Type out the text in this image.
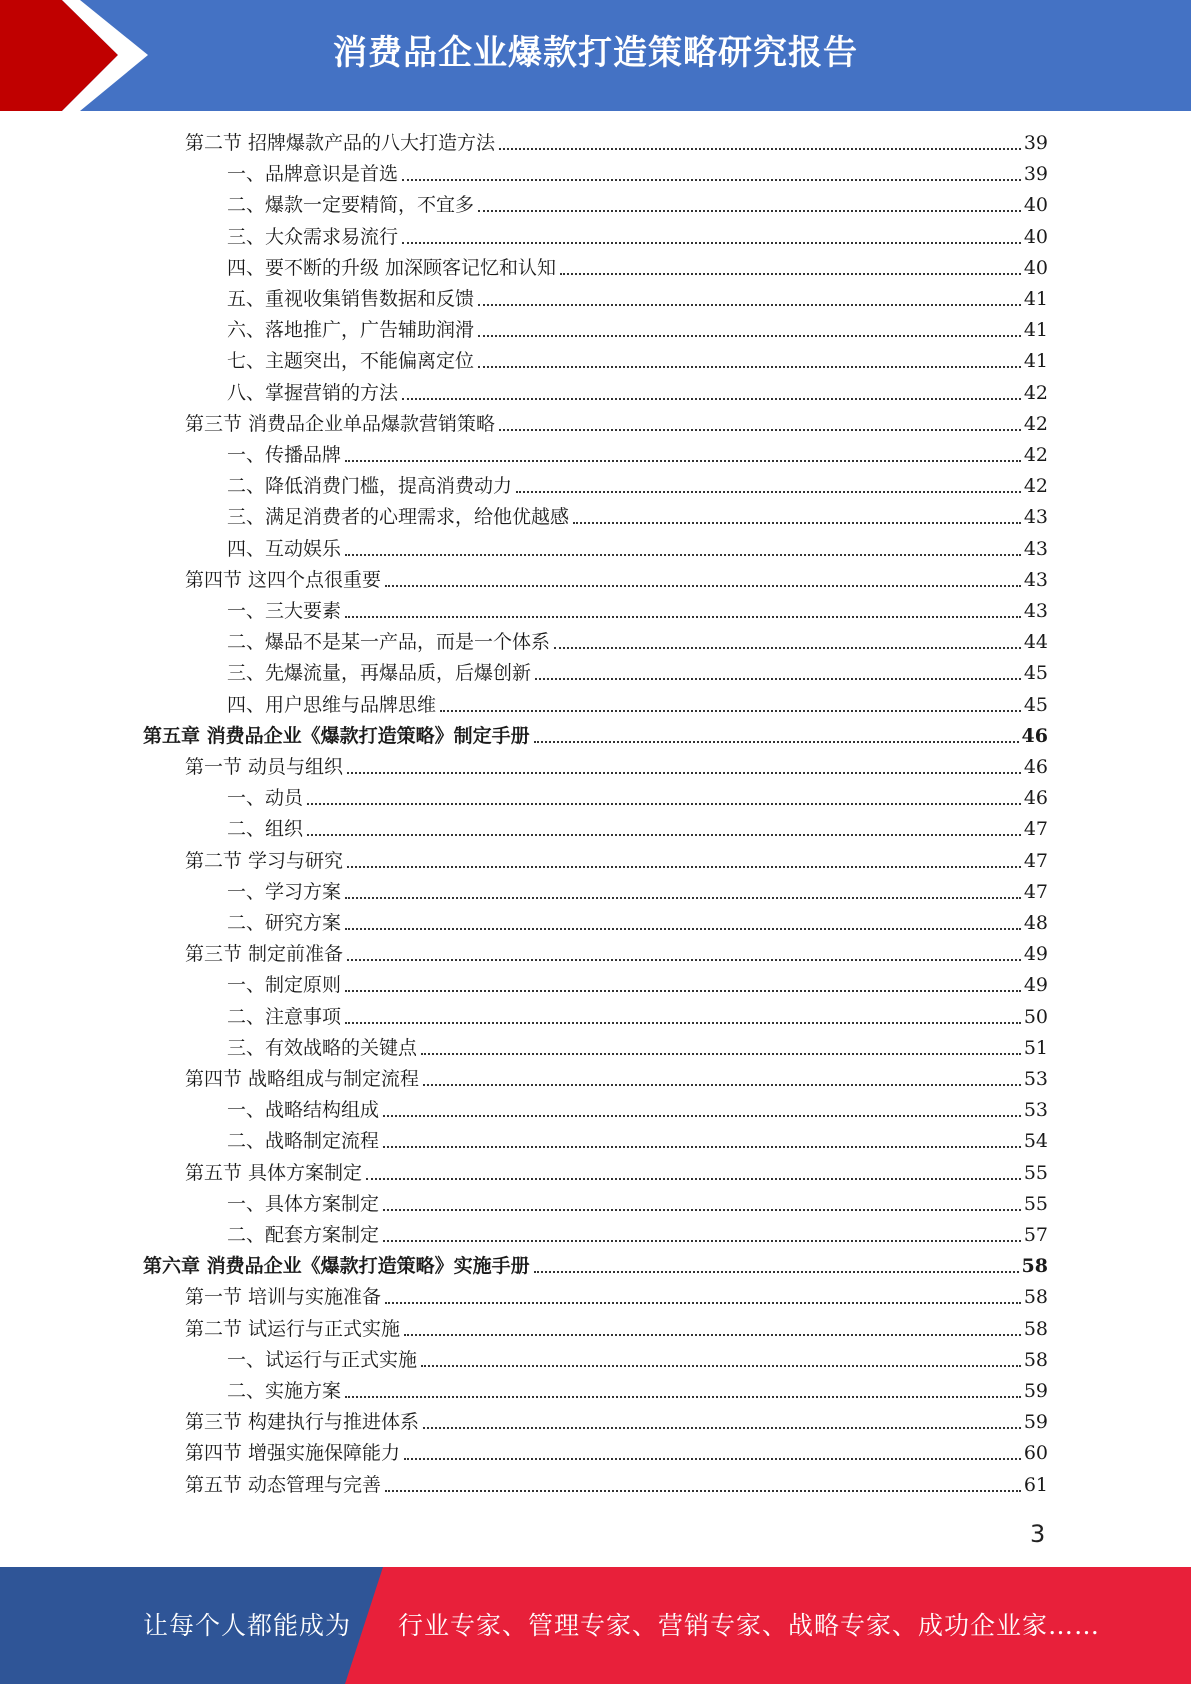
消费品企业爆款打造策略研究报告
第二节 招牌爆款产品的八大打造方法	39
一、品牌意识是首选	39
二、爆款一定要精简，不宜多	40
三、大众需求易流行	40
四、要不断的升级 加深顾客记忆和认知	40
五、重视收集销售数据和反馈	41
六、落地推广，广告辅助润滑	41
七、主题突出，不能偏离定位	41
八、掌握营销的方法	42
第三节 消费品企业单品爆款营销策略	42
一、传播品牌	42
二、降低消费门槛，提高消费动力	42
三、满足消费者的心理需求，给他优越感	43
四、互动娱乐	43
第四节 这四个点很重要	43
一、三大要素	43
二、爆品不是某一产品，而是一个体系	44
三、先爆流量，再爆品质，后爆创新	45
四、用户思维与品牌思维	45
第五章 消费品企业《爆款打造策略》制定手册	46
第一节 动员与组织	46
一、动员	46
二、组织	47
第二节 学习与研究	47
一、学习方案	47
二、研究方案	48
第三节 制定前准备	49
一、制定原则	49
二、注意事项	50
三、有效战略的关键点	51
第四节 战略组成与制定流程	53
一、战略结构组成	53
二、战略制定流程	54
第五节 具体方案制定	55
一、具体方案制定	55
二、配套方案制定	57
第六章 消费品企业《爆款打造策略》实施手册	58
第一节 培训与实施准备	58
第二节 试运行与正式实施	58
一、试运行与正式实施	58
二、实施方案	59
第三节 构建执行与推进体系	59
第四节 增强实施保障能力	60
第五节 动态管理与完善	61
3
让每个人都能成为 行业专家、管理专家、营销专家、战略专家、成功企业家……
